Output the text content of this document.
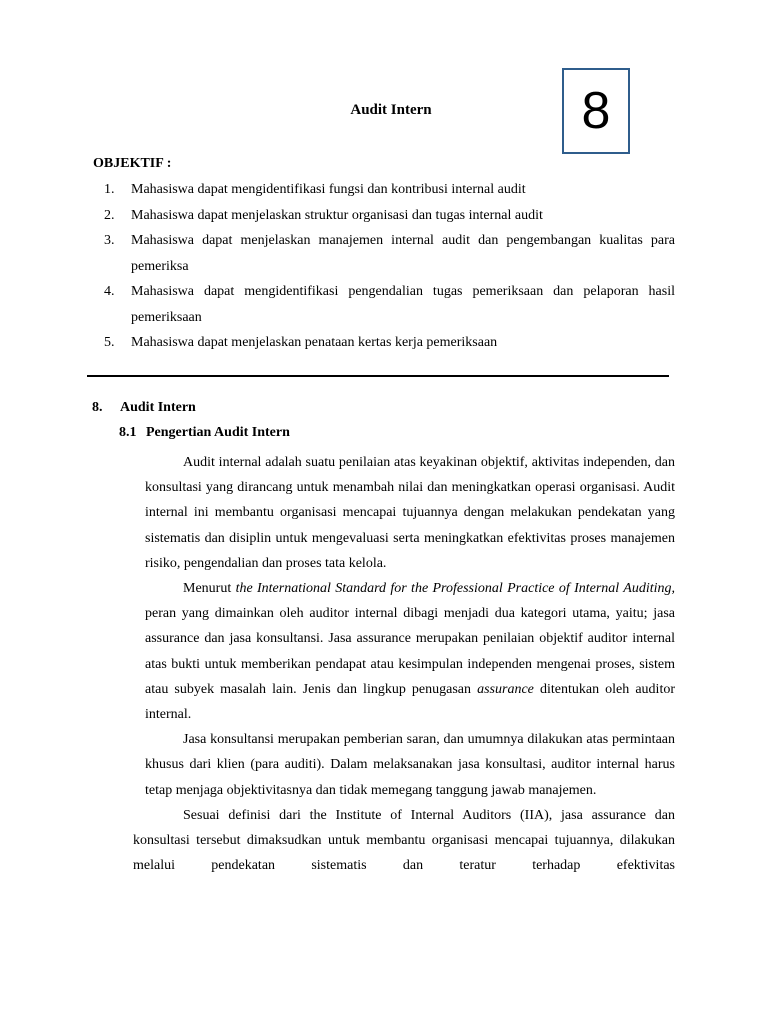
8
Audit Intern
OBJEKTIF :
1. Mahasiswa dapat mengidentifikasi fungsi dan kontribusi internal audit
2. Mahasiswa dapat menjelaskan struktur organisasi dan tugas internal audit
3. Mahasiswa dapat menjelaskan manajemen internal audit dan pengembangan kualitas para pemeriksa
4. Mahasiswa dapat mengidentifikasi pengendalian tugas pemeriksaan dan pelaporan hasil pemeriksaan
5. Mahasiswa dapat menjelaskan penataan kertas kerja pemeriksaan
8. Audit Intern
8.1 Pengertian Audit Intern

Audit internal adalah suatu penilaian atas keyakinan objektif, aktivitas independen, dan konsultasi yang dirancang untuk menambah nilai dan meningkatkan operasi organisasi. Audit internal ini membantu organisasi mencapai tujuannya dengan melakukan pendekatan yang sistematis dan disiplin untuk mengevaluasi serta meningkatkan efektivitas proses manajemen risiko, pengendalian dan proses tata kelola.

Menurut the International Standard for the Professional Practice of Internal Auditing, peran yang dimainkan oleh auditor internal dibagi menjadi dua kategori utama, yaitu; jasa assurance dan jasa konsultansi. Jasa assurance merupakan penilaian objektif auditor internal atas bukti untuk memberikan pendapat atau kesimpulan independen mengenai proses, sistem atau subyek masalah lain. Jenis dan lingkup penugasan assurance ditentukan oleh auditor internal.

Jasa konsultansi merupakan pemberian saran, dan umumnya dilakukan atas permintaan khusus dari klien (para auditi). Dalam melaksanakan jasa konsultasi, auditor internal harus tetap menjaga objektivitasnya dan tidak memegang tanggung jawab manajemen.

Sesuai definisi dari the Institute of Internal Auditors (IIA), jasa assurance dan konsultasi tersebut dimaksudkan untuk membantu organisasi mencapai tujuannya, dilakukan melalui pendekatan sistematis dan teratur terhadap efektivitas
